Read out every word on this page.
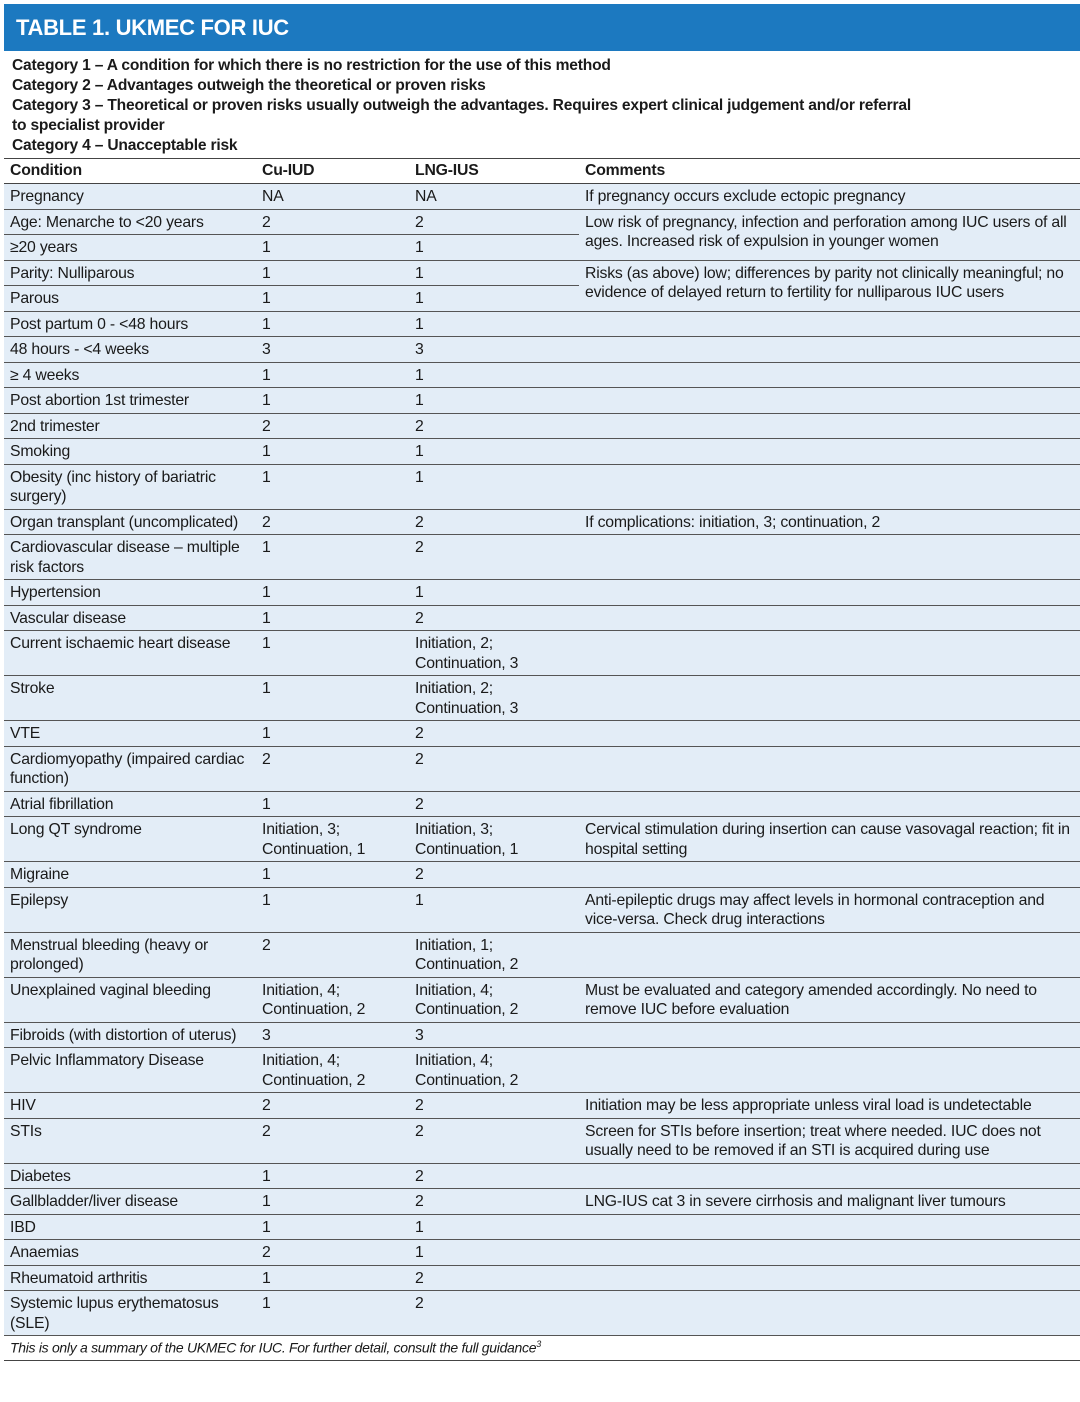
TABLE 1. UKMEC FOR IUC
Category 1 – A condition for which there is no restriction for the use of this method
Category 2 – Advantages outweigh the theoretical or proven risks
Category 3 – Theoretical or proven risks usually outweigh the advantages. Requires expert clinical judgement and/or referral
to specialist provider
Category 4 – Unacceptable risk
Condition	Cu-IUD	LNG-IUS	Comments
Pregnancy	NA	NA	If pregnancy occurs exclude ectopic pregnancy
Age: Menarche to <20 years	2	2	Low risk of pregnancy, infection and perforation among IUC users of all ages. Increased risk of expulsion in younger women
≥20 years	1	1	
Parity: Nulliparous	1	1	Risks (as above) low; differences by parity not clinically meaningful; no evidence of delayed return to fertility for nulliparous IUC users
Parous	1	1	
Post partum 0 - <48 hours	1	1	
48 hours - <4 weeks	3	3	
≥ 4 weeks	1	1	
Post abortion 1st trimester	1	1	
2nd trimester	2	2	
Smoking	1	1	
Obesity (inc history of bariatric surgery)	1	1	
Organ transplant (uncomplicated)	2	2	If complications: initiation, 3; continuation, 2
Cardiovascular disease – multiple risk factors	1	2	
Hypertension	1	1	
Vascular disease	1	2	
Current ischaemic heart disease	1	Initiation, 2; Continuation, 3	
Stroke	1	Initiation, 2; Continuation, 3	
VTE	1	2	
Cardiomyopathy (impaired cardiac function)	2	2	
Atrial fibrillation	1	2	
Long QT syndrome	Initiation, 3; Continuation, 1	Initiation, 3; Continuation, 1	Cervical stimulation during insertion can cause vasovagal reaction; fit in hospital setting
Migraine	1	2	
Epilepsy	1	1	Anti-epileptic drugs may affect levels in hormonal contraception and vice-versa. Check drug interactions
Menstrual bleeding (heavy or prolonged)	2	Initiation, 1; Continuation, 2	
Unexplained vaginal bleeding	Initiation, 4; Continuation, 2	Initiation, 4; Continuation, 2	Must be evaluated and category amended accordingly. No need to remove IUC before evaluation
Fibroids (with distortion of uterus)	3	3	
Pelvic Inflammatory Disease	Initiation, 4; Continuation, 2	Initiation, 4; Continuation, 2	
HIV	2	2	Initiation may be less appropriate unless viral load is undetectable
STIs	2	2	Screen for STIs before insertion; treat where needed. IUC does not usually need to be removed if an STI is acquired during use
Diabetes	1	2	
Gallbladder/liver disease	1	2	LNG-IUS cat 3 in severe cirrhosis and malignant liver tumours
IBD	1	1	
Anaemias	2	1	
Rheumatoid arthritis	1	2	
Systemic lupus erythematosus (SLE)	1	2	
This is only a summary of the UKMEC for IUC. For further detail, consult the full guidance$^3$
